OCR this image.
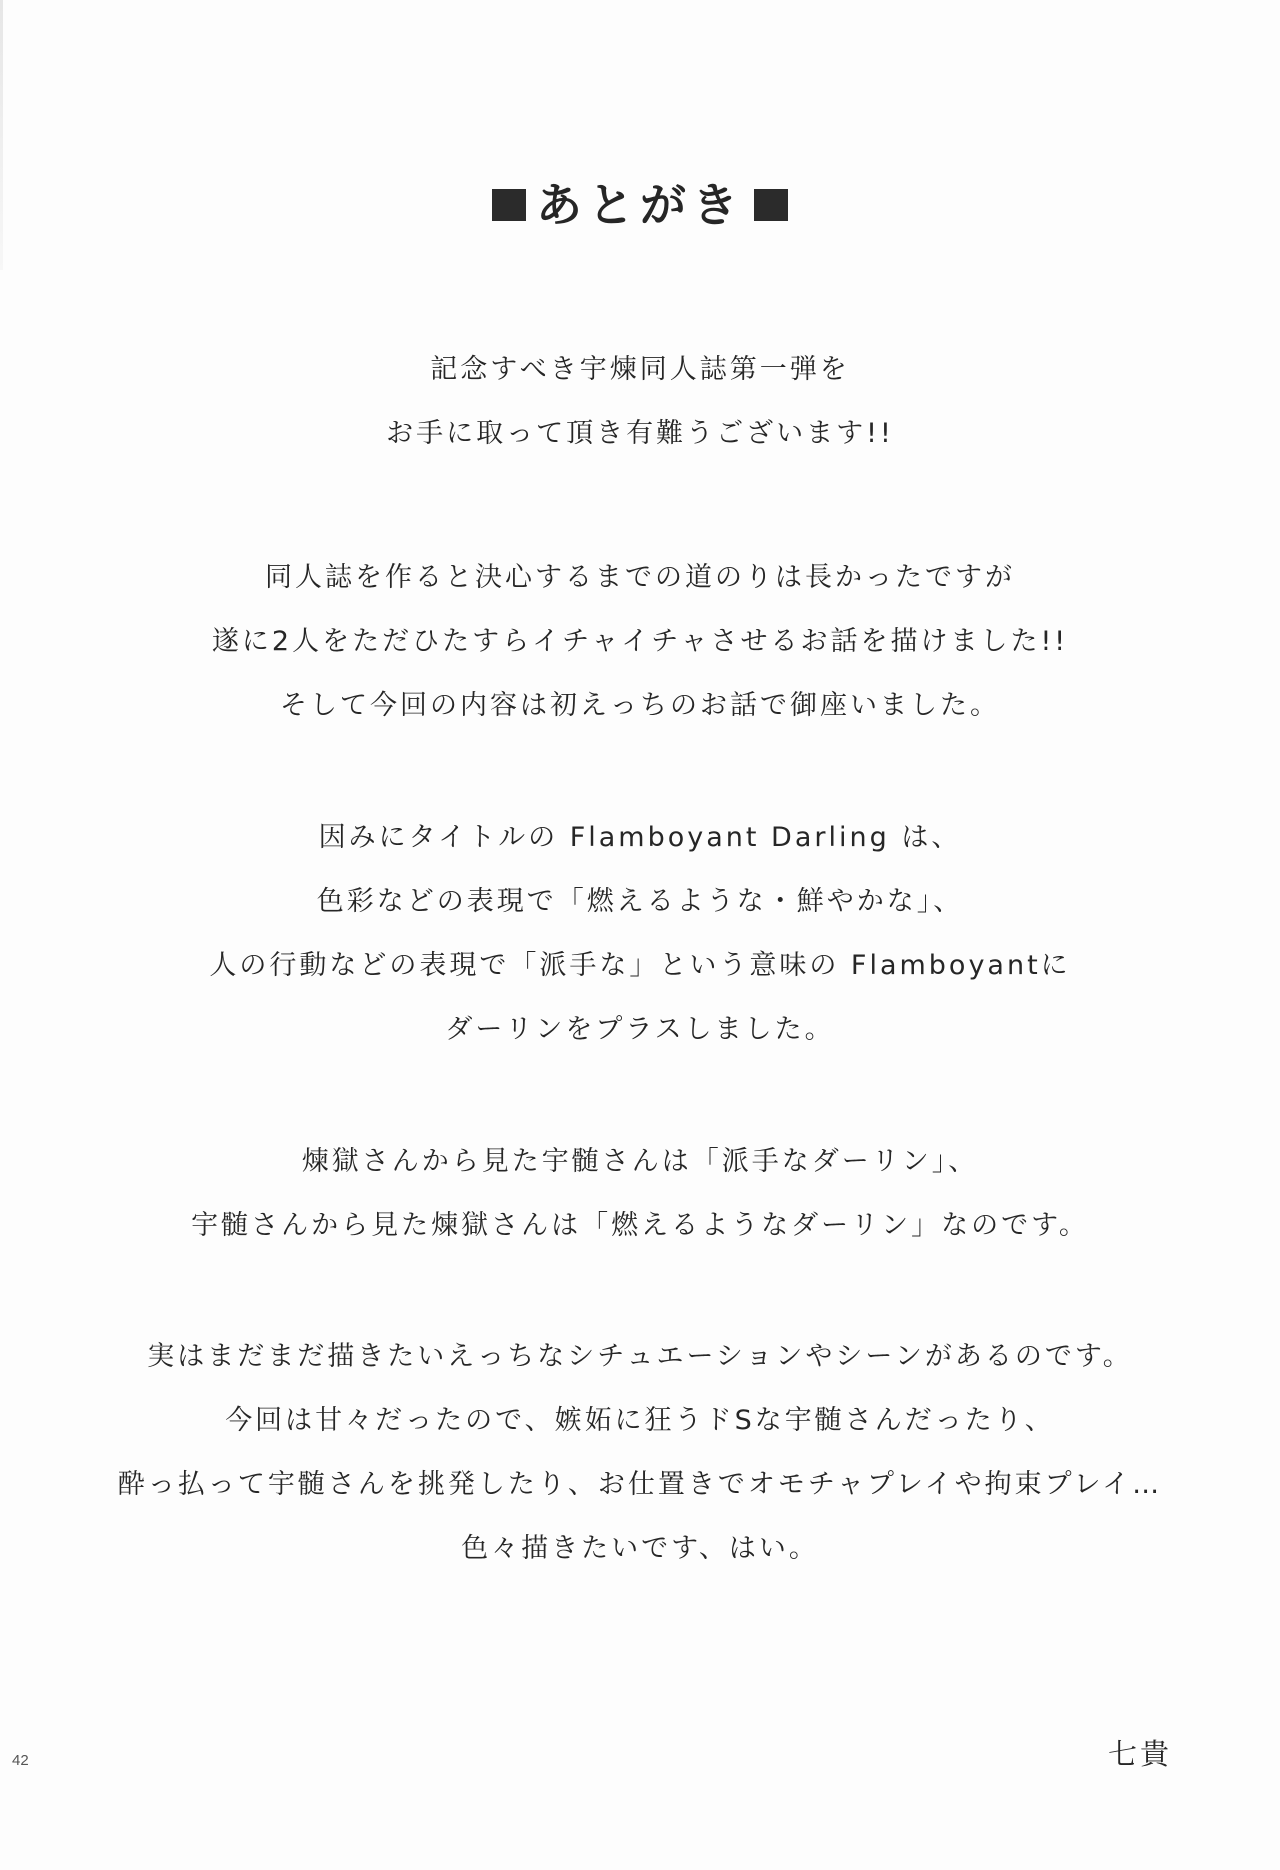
あとがき
記念すべき宇煉同人誌第一弾を
お手に取って頂き有難うございます!!
同人誌を作ると決心するまでの道のりは長かったですが
遂に2人をただひたすらイチャイチャさせるお話を描けました!!
そして今回の内容は初えっちのお話で御座いました。
因みにタイトルの Flamboyant Darling は、
色彩などの表現で「燃えるような・鮮やかな」、
人の行動などの表現で「派手な」という意味の Flamboyantに
ダーリンをプラスしました。
煉獄さんから見た宇髄さんは「派手なダーリン」、
宇髄さんから見た煉獄さんは「燃えるようなダーリン」なのです。
実はまだまだ描きたいえっちなシチュエーションやシーンがあるのです。
今回は甘々だったので、嫉妬に狂うドSな宇髄さんだったり、
酔っ払って宇髄さんを挑発したり、お仕置きでオモチャプレイや拘束プレイ…
色々描きたいです、はい。
42	七貴
